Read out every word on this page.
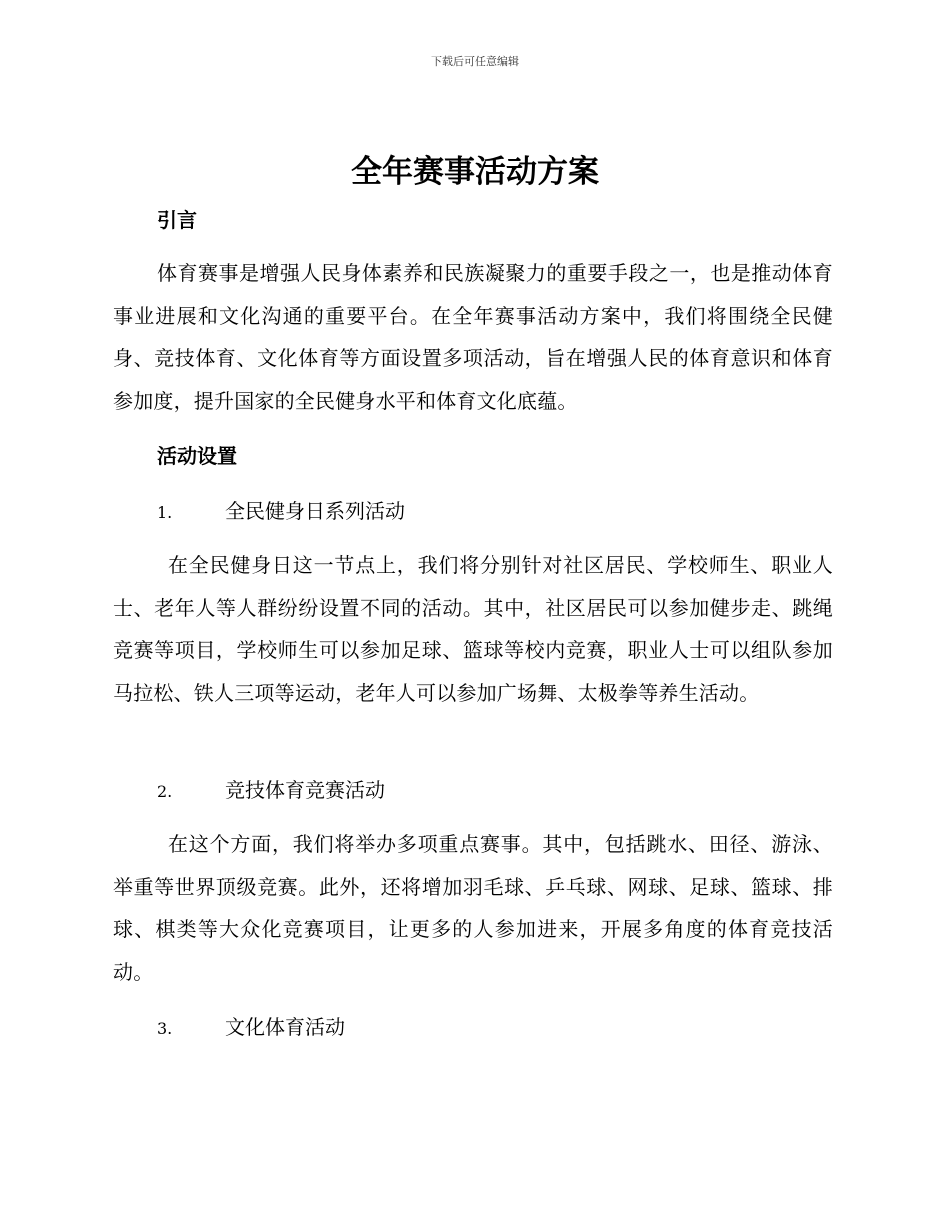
下载后可任意编辑
全年赛事活动方案
引言

体育赛事是增强人民身体素养和民族凝聚力的重要手段之一，也是推动体育事业进展和文化沟通的重要平台。在全年赛事活动方案中，我们将围绕全民健身、竞技体育、文化体育等方面设置多项活动，旨在增强人民的体育意识和体育参加度，提升国家的全民健身水平和体育文化底蕴。

活动设置
1.	全民健身日系列活动

在全民健身日这一节点上，我们将分别针对社区居民、学校师生、职业人士、老年人等人群纷纷设置不同的活动。其中，社区居民可以参加健步走、跳绳竞赛等项目，学校师生可以参加足球、篮球等校内竞赛，职业人士可以组队参加马拉松、铁人三项等运动，老年人可以参加广场舞、太极拳等养生活动。

2.	竞技体育竞赛活动

在这个方面，我们将举办多项重点赛事。其中，包括跳水、田径、游泳、举重等世界顶级竞赛。此外，还将增加羽毛球、乒乓球、网球、足球、篮球、排球、棋类等大众化竞赛项目，让更多的人参加进来，开展多角度的体育竞技活动。

3.	文化体育活动
